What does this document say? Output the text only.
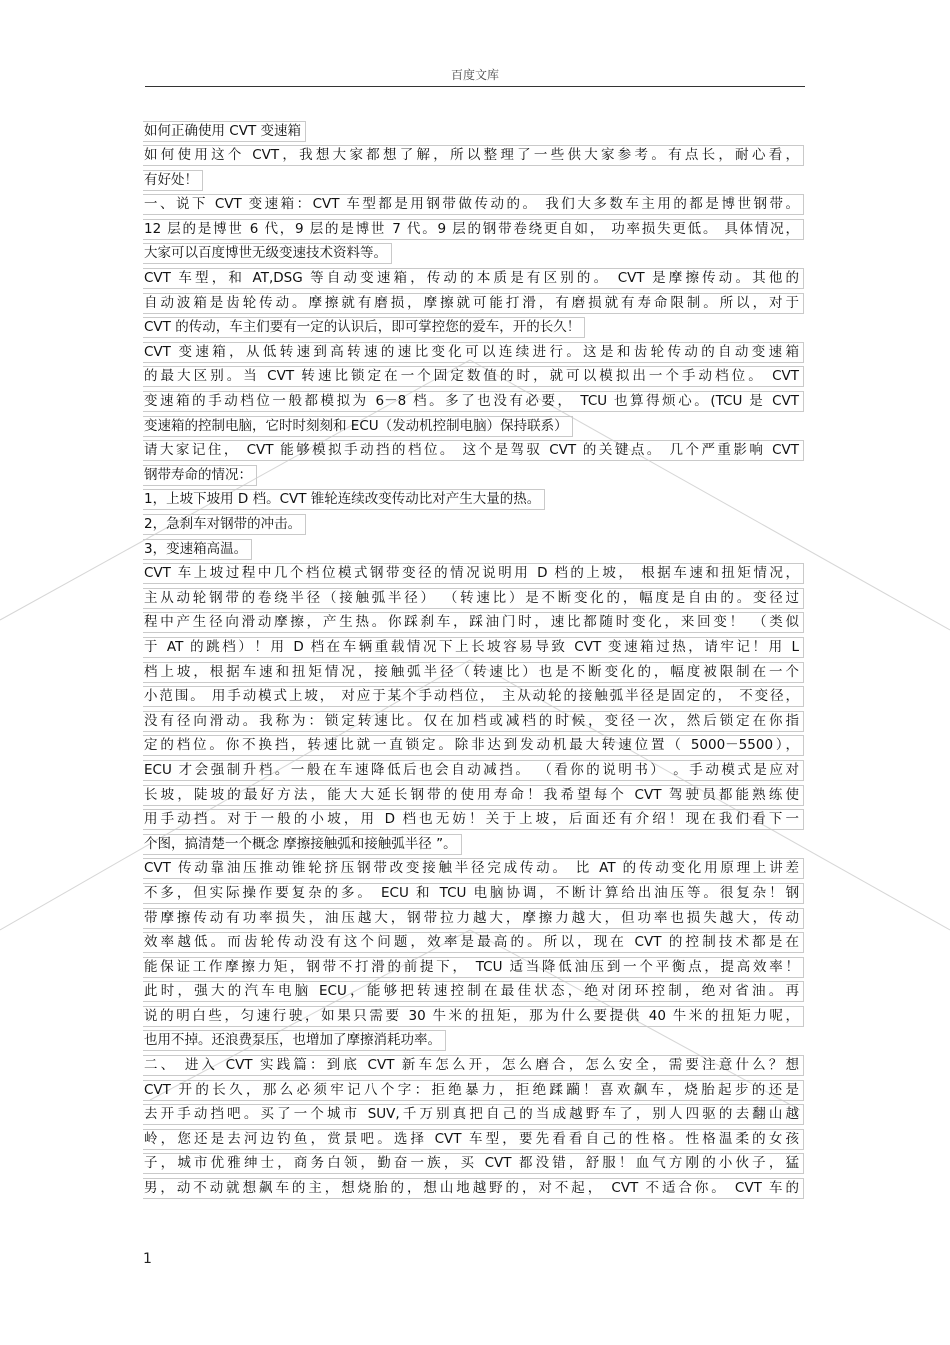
百度文库
如何正确使用 CVT 变速箱
如何使用这个 CVT，我想大家都想了解，所以整理了一些供大家参考。有点长，耐心看，
有好处！
一、说下 CVT 变速箱：CVT 车型都是用钢带做传动的。 我们大多数车主用的都是博世钢带。
12 层的是博世 6 代，9 层的是博世 7 代。9 层的钢带卷绕更自如， 功率损失更低。 具体情况，
大家可以百度博世无级变速技术资料等。
CVT 车型，和 AT,DSG 等自动变速箱，传动的本质是有区别的。 CVT 是摩擦传动。其他的
自动波箱是齿轮传动。摩擦就有磨损，摩擦就可能打滑，有磨损就有寿命限制。所以，对于
CVT 的传动，车主们要有一定的认识后，即可掌控您的爱车，开的长久！
CVT 变速箱，从低转速到高转速的速比变化可以连续进行。这是和齿轮传动的自动变速箱
的最大区别。当 CVT 转速比锁定在一个固定数值的时，就可以模拟出一个手动档位。 CVT
变速箱的手动档位一般都模拟为 6－8 档。多了也没有必要， TCU 也算得烦心。(TCU 是 CVT
变速箱的控制电脑，它时时刻刻和 ECU（发动机控制电脑）保持联系）
请大家记住， CVT 能够模拟手动挡的档位。 这个是驾驭 CVT 的关键点。 几个严重影响 CVT
钢带寿命的情况：
1，上坡下坡用 D 档。CVT 锥轮连续改变传动比对产生大量的热。
2，急刹车对钢带的冲击。
3，变速箱高温。
CVT 车上坡过程中几个档位模式钢带变径的情况说明用 D 档的上坡， 根据车速和扭矩情况，
主从动轮钢带的卷绕半径（接触弧半径） （转速比）是不断变化的，幅度是自由的。变径过
程中产生径向滑动摩擦，产生热。你踩刹车，踩油门时，速比都随时变化，来回变！ （类似
于 AT 的跳档）！用 D 档在车辆重载情况下上长坡容易导致 CVT 变速箱过热，请牢记！用 L
档上坡，根据车速和扭矩情况，接触弧半径（转速比）也是不断变化的，幅度被限制在一个
小范围。 用手动模式上坡， 对应于某个手动档位， 主从动轮的接触弧半径是固定的， 不变径，
没有径向滑动。我称为：锁定转速比。仅在加档或减档的时候，变径一次，然后锁定在你指
定的档位。你不换挡，转速比就一直锁定。除非达到发动机最大转速位置（ 5000－5500），
ECU 才会强制升档。一般在车速降低后也会自动减挡。 （看你的说明书） 。手动模式是应对
长坡，陡坡的最好方法，能大大延长钢带的使用寿命！我希望每个 CVT 驾驶员都能熟练使
用手动挡。对于一般的小坡，用 D 档也无妨！关于上坡，后面还有介绍！现在我们看下一
个图，搞清楚一个概念 摩擦接触弧和接触弧半径 ”。
CVT 传动靠油压推动锥轮挤压钢带改变接触半径完成传动。 比 AT 的传动变化用原理上讲差
不多，但实际操作要复杂的多。 ECU 和 TCU 电脑协调，不断计算给出油压等。很复杂！钢
带摩擦传动有功率损失，油压越大，钢带拉力越大，摩擦力越大，但功率也损失越大，传动
效率越低。而齿轮传动没有这个问题，效率是最高的。所以，现在 CVT 的控制技术都是在
能保证工作摩擦力矩，钢带不打滑的前提下， TCU 适当降低油压到一个平衡点，提高效率！
此时，强大的汽车电脑 ECU，能够把转速控制在最佳状态，绝对闭环控制，绝对省油。再
说的明白些，匀速行驶，如果只需要 30 牛米的扭矩，那为什么要提供 40 牛米的扭矩力呢，
也用不掉。还浪费泵压，也增加了摩擦消耗功率。
二、 进入 CVT 实践篇：到底 CVT 新车怎么开，怎么磨合，怎么安全，需要注意什么？想
CVT 开的长久，那么必须牢记八个字：拒绝暴力，拒绝蹂躏！喜欢飙车，烧胎起步的还是
去开手动挡吧。买了一个城市 SUV,千万别真把自己的当成越野车了，别人四驱的去翻山越
岭，您还是去河边钓鱼，赏景吧。选择 CVT 车型，要先看看自己的性格。性格温柔的女孩
子，城市优雅绅士，商务白领，勤奋一族，买 CVT 都没错，舒服！血气方刚的小伙子，猛
男，动不动就想飙车的主，想烧胎的，想山地越野的，对不起， CVT 不适合你。 CVT 车的
1
